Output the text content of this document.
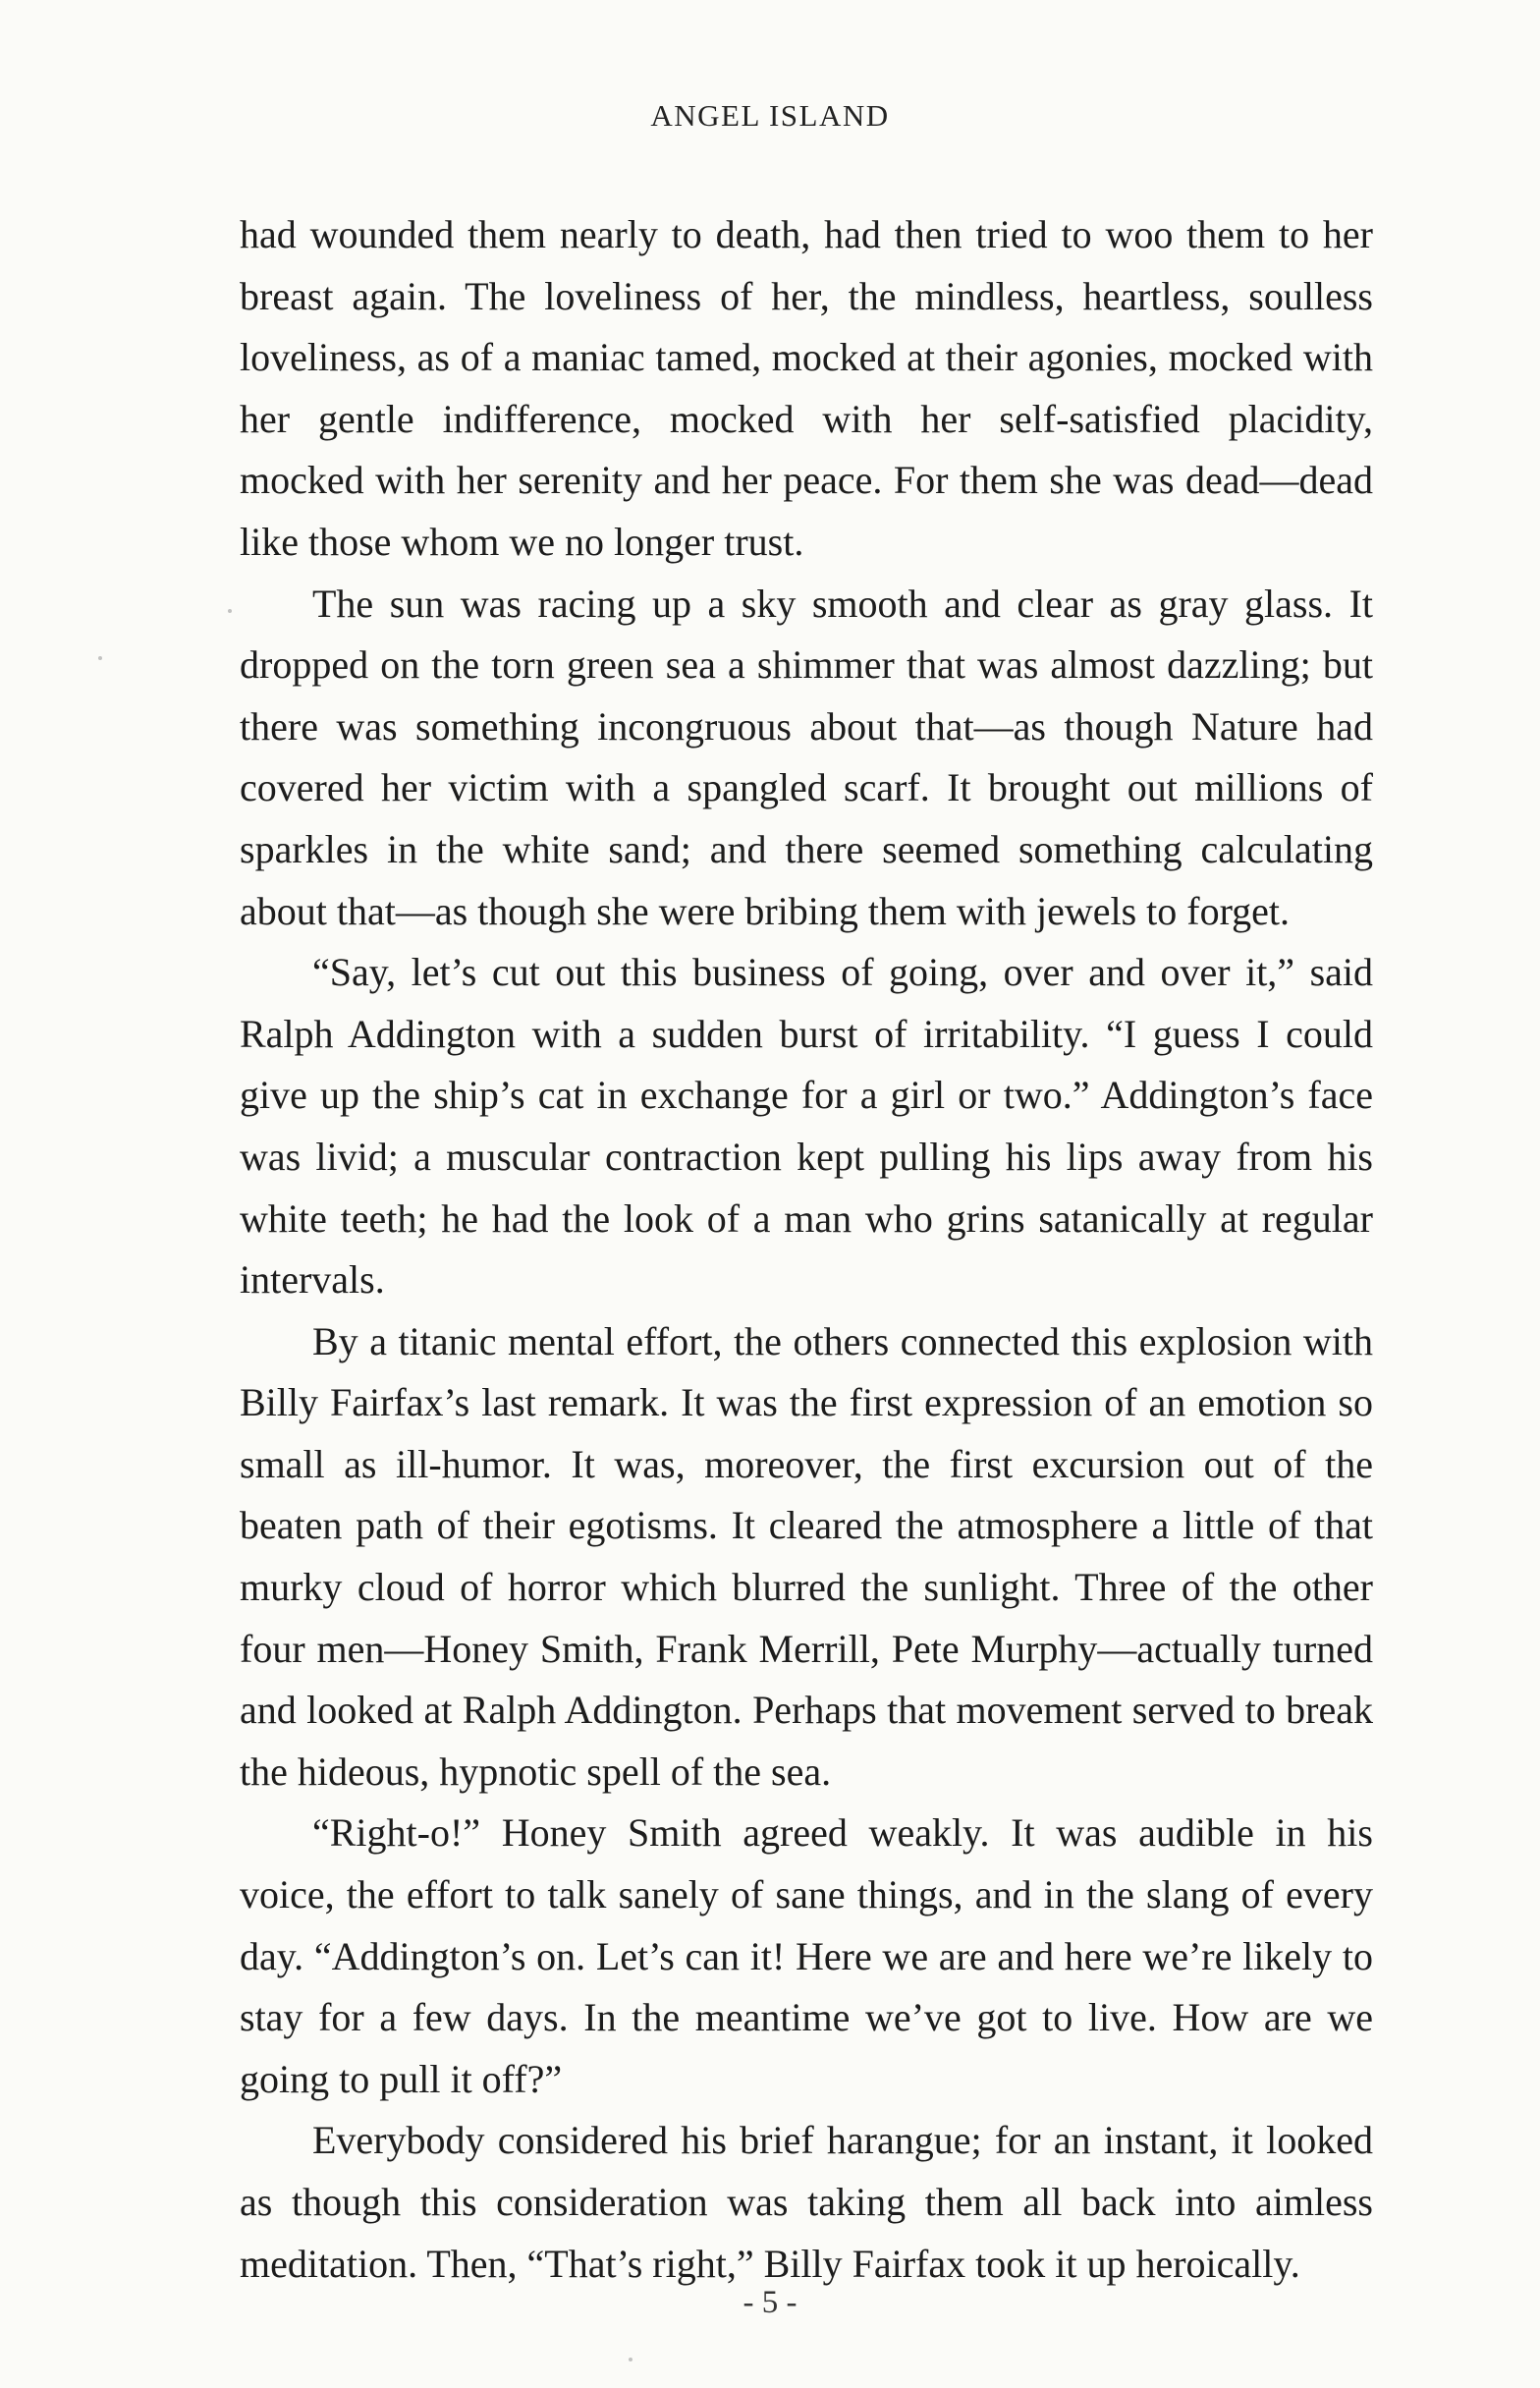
ANGEL ISLAND

had wounded them nearly to death, had then tried to woo them to her breast again. The loveliness of her, the mindless, heartless, soulless loveliness, as of a maniac tamed, mocked at their agonies, mocked with her gentle indifference, mocked with her self-satisfied placidity, mocked with her serenity and her peace. For them she was dead—dead like those whom we no longer trust.

The sun was racing up a sky smooth and clear as gray glass. It dropped on the torn green sea a shimmer that was almost dazzling; but there was something incongruous about that—as though Nature had covered her victim with a spangled scarf. It brought out millions of sparkles in the white sand; and there seemed something calculating about that—as though she were bribing them with jewels to forget.

“Say, let’s cut out this business of going, over and over it,” said Ralph Addington with a sudden burst of irritability. “I guess I could give up the ship’s cat in exchange for a girl or two.” Addington’s face was livid; a muscular contraction kept pulling his lips away from his white teeth; he had the look of a man who grins satanically at regular intervals.

By a titanic mental effort, the others connected this explosion with Billy Fairfax’s last remark. It was the first expression of an emotion so small as ill-humor. It was, moreover, the first excursion out of the beaten path of their egotisms. It cleared the atmosphere a little of that murky cloud of horror which blurred the sunlight. Three of the other four men—Honey Smith, Frank Merrill, Pete Murphy—actually turned and looked at Ralph Addington. Perhaps that movement served to break the hideous, hypnotic spell of the sea.

“Right-o!” Honey Smith agreed weakly. It was audible in his voice, the effort to talk sanely of sane things, and in the slang of every day. “Addington’s on. Let’s can it! Here we are and here we’re likely to stay for a few days. In the meantime we’ve got to live. How are we going to pull it off?”

Everybody considered his brief harangue; for an instant, it looked as though this consideration was taking them all back into aimless meditation. Then, “That’s right,” Billy Fairfax took it up heroically.

- 5 -
